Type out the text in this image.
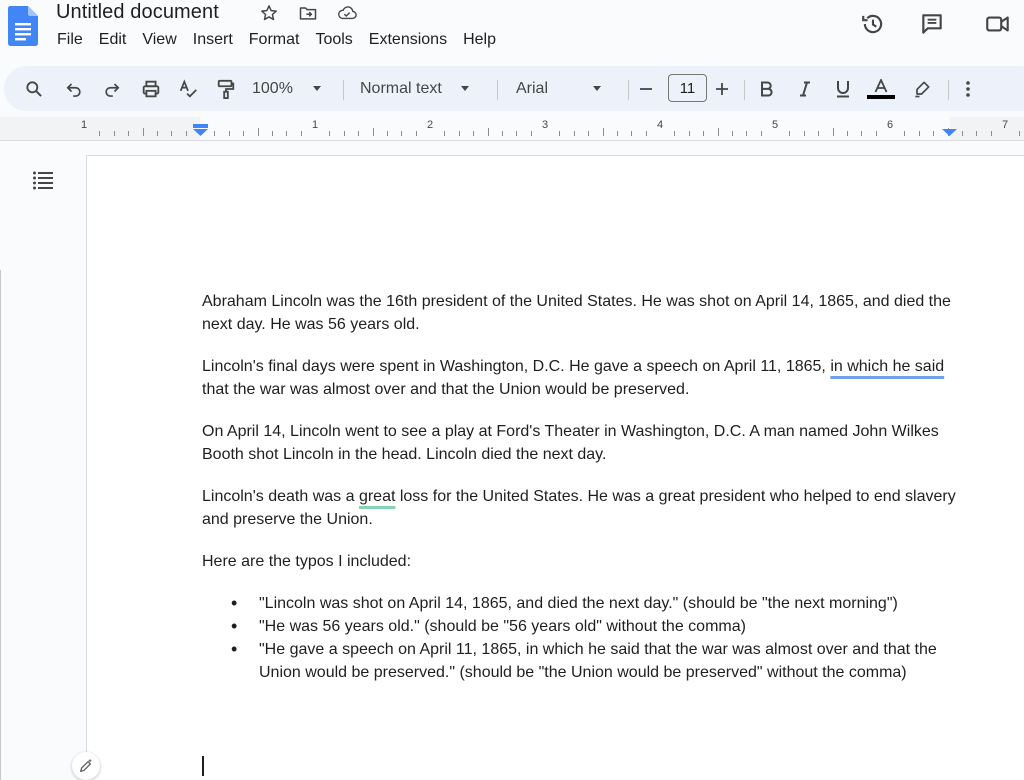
Untitled document
File Edit View Insert Format Tools Extensions Help
100%	Normal text	Arial	11
1	1	2	3	4	5	6	7

Abraham Lincoln was the 16th president of the United States. He was shot on April 14, 1865, and died the next day. He was 56 years old.

Lincoln's final days were spent in Washington, D.C. He gave a speech on April 11, 1865, in which he said that the war was almost over and that the Union would be preserved.

On April 14, Lincoln went to see a play at Ford's Theater in Washington, D.C. A man named John Wilkes Booth shot Lincoln in the head. Lincoln died the next day.

Lincoln's death was a great loss for the United States. He was a great president who helped to end slavery and preserve the Union.

Here are the typos I included:

• "Lincoln was shot on April 14, 1865, and died the next day." (should be "the next morning")
• "He was 56 years old." (should be "56 years old" without the comma)
• "He gave a speech on April 11, 1865, in which he said that the war was almost over and that the Union would be preserved." (should be "the Union would be preserved" without the comma)
